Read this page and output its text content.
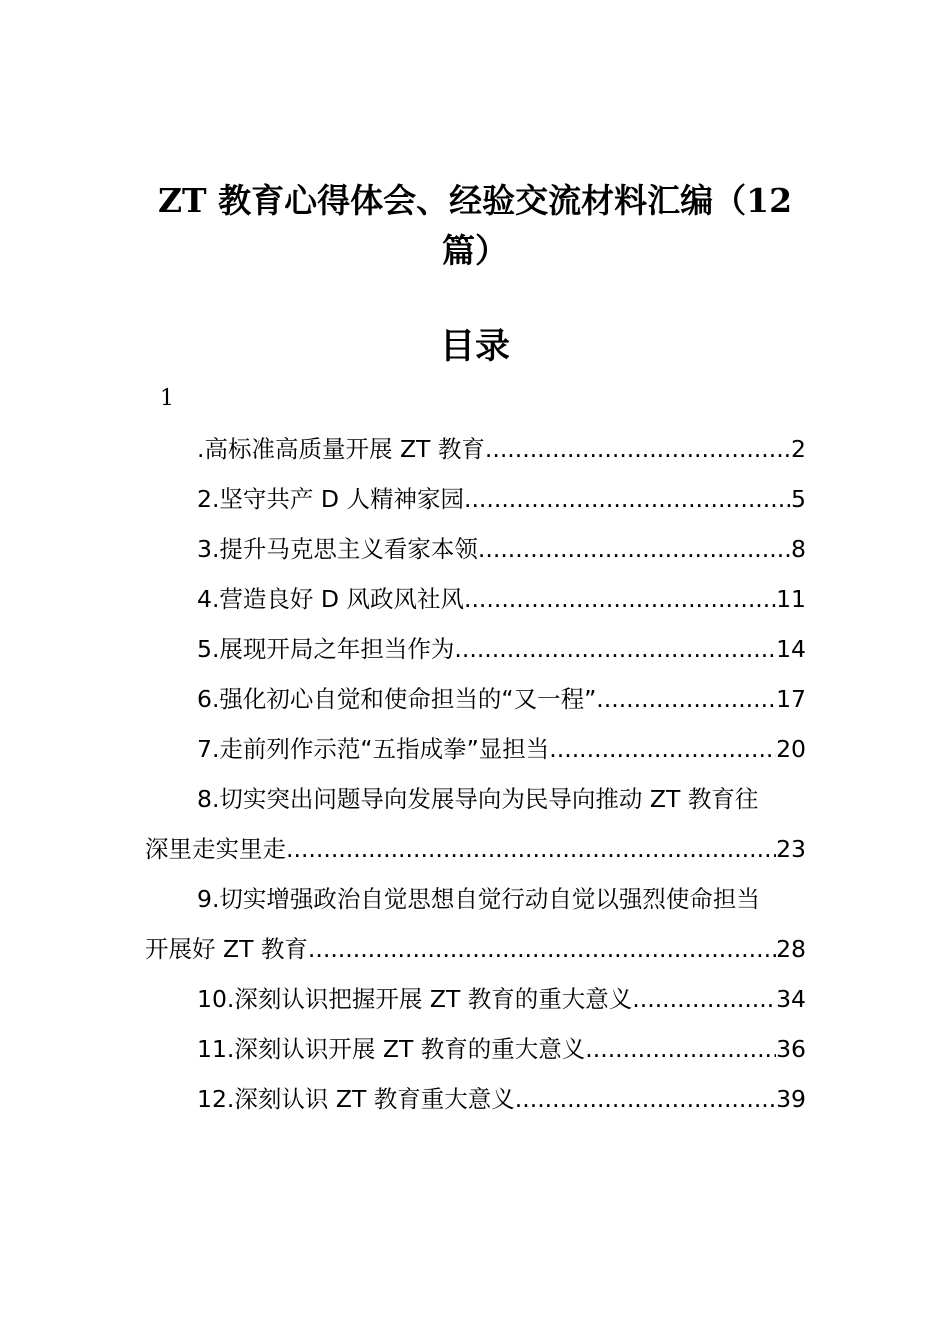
ZT 教育心得体会、经验交流材料汇编（12
篇）
目录
1
.高标准高质量开展 ZT 教育 .....	2
2.坚守共产 D 人精神家园 .....	5
3.提升马克思主义看家本领 .....	8
4.营造良好 D 风政风社风 .....	11
5.展现开局之年担当作为 .....	14
6.强化初心自觉和使命担当的“又一程” .....	17
7.走前列作示范“五指成拳”显担当 .....	20
8.切实突出问题导向发展导向为民导向推动 ZT 教育往
深里走实里走 .....	23
9.切实增强政治自觉思想自觉行动自觉以强烈使命担当
开展好 ZT 教育 .....	28
10.深刻认识把握开展 ZT 教育的重大意义 .....	34
11.深刻认识开展 ZT 教育的重大意义 .....	36
12.深刻认识 ZT 教育重大意义 .....	39
